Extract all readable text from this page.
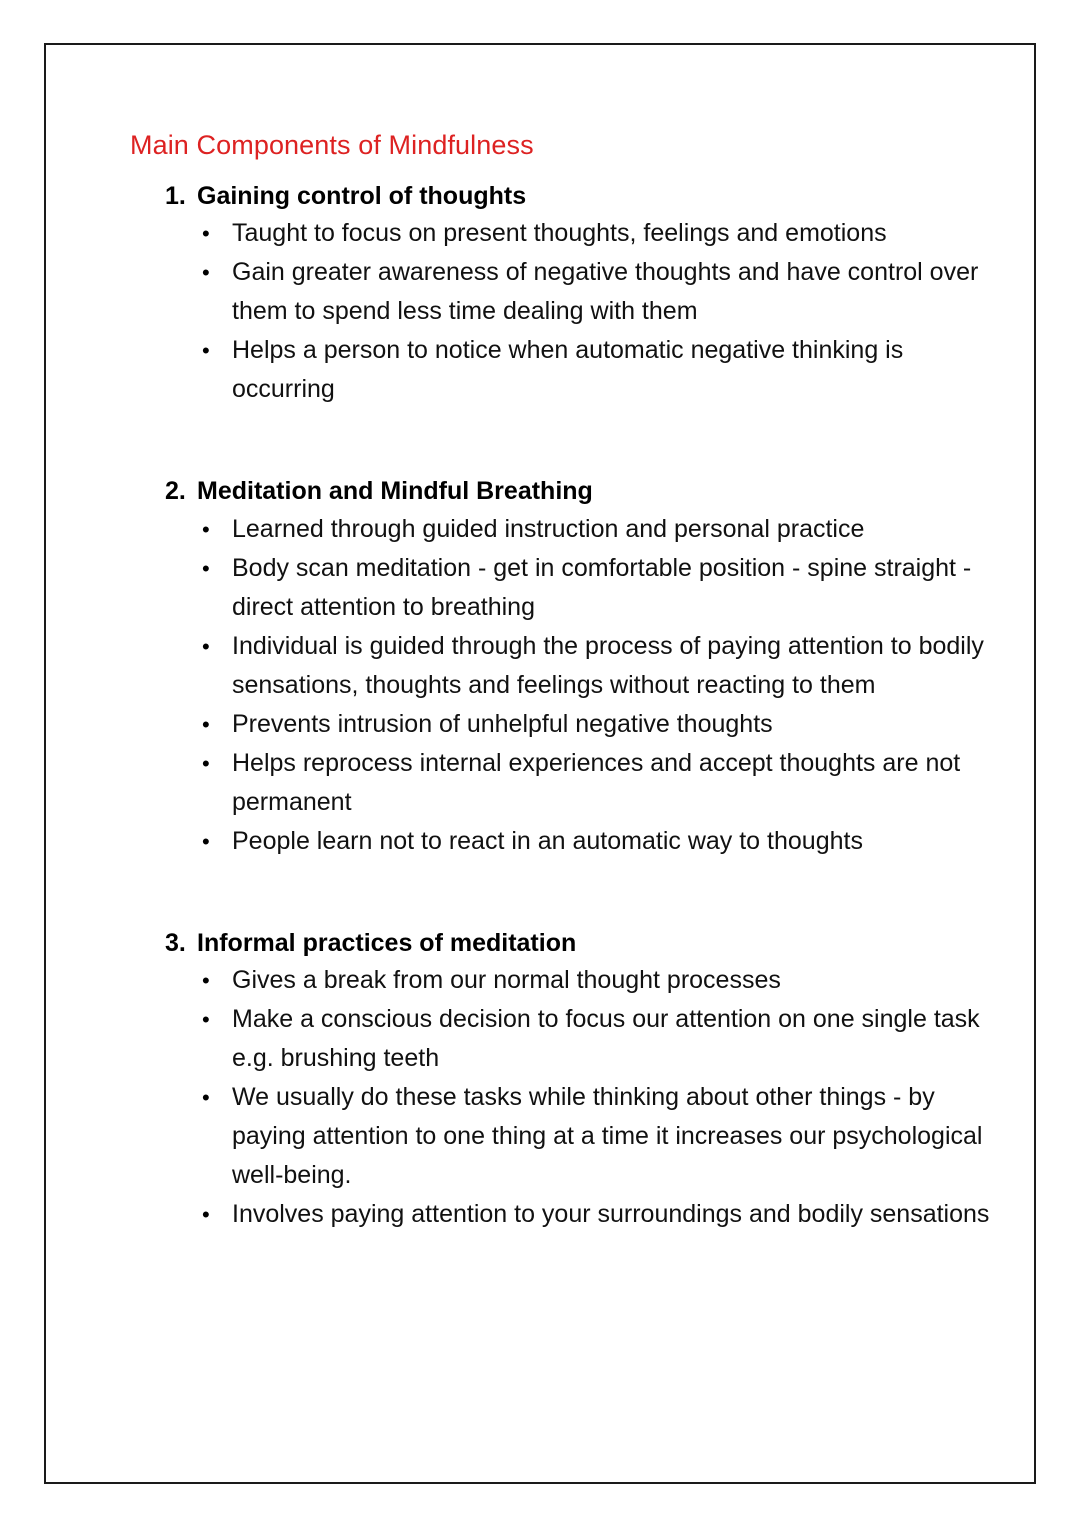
Main Components of Mindfulness
1. Gaining control of thoughts
• Taught to focus on present thoughts, feelings and emotions
• Gain greater awareness of negative thoughts and have control over them to spend less time dealing with them
• Helps a person to notice when automatic negative thinking is occurring
2. Meditation and Mindful Breathing
• Learned through guided instruction and personal practice
• Body scan meditation - get in comfortable position - spine straight - direct attention to breathing
• Individual is guided through the process of paying attention to bodily sensations, thoughts and feelings without reacting to them
• Prevents intrusion of unhelpful negative thoughts
• Helps reprocess internal experiences and accept thoughts are not permanent
• People learn not to react in an automatic way to thoughts
3. Informal practices of meditation
• Gives a break from our normal thought processes
• Make a conscious decision to focus our attention on one single task e.g. brushing teeth
• We usually do these tasks while thinking about other things - by paying attention to one thing at a time it increases our psychological well-being.
• Involves paying attention to your surroundings and bodily sensations
